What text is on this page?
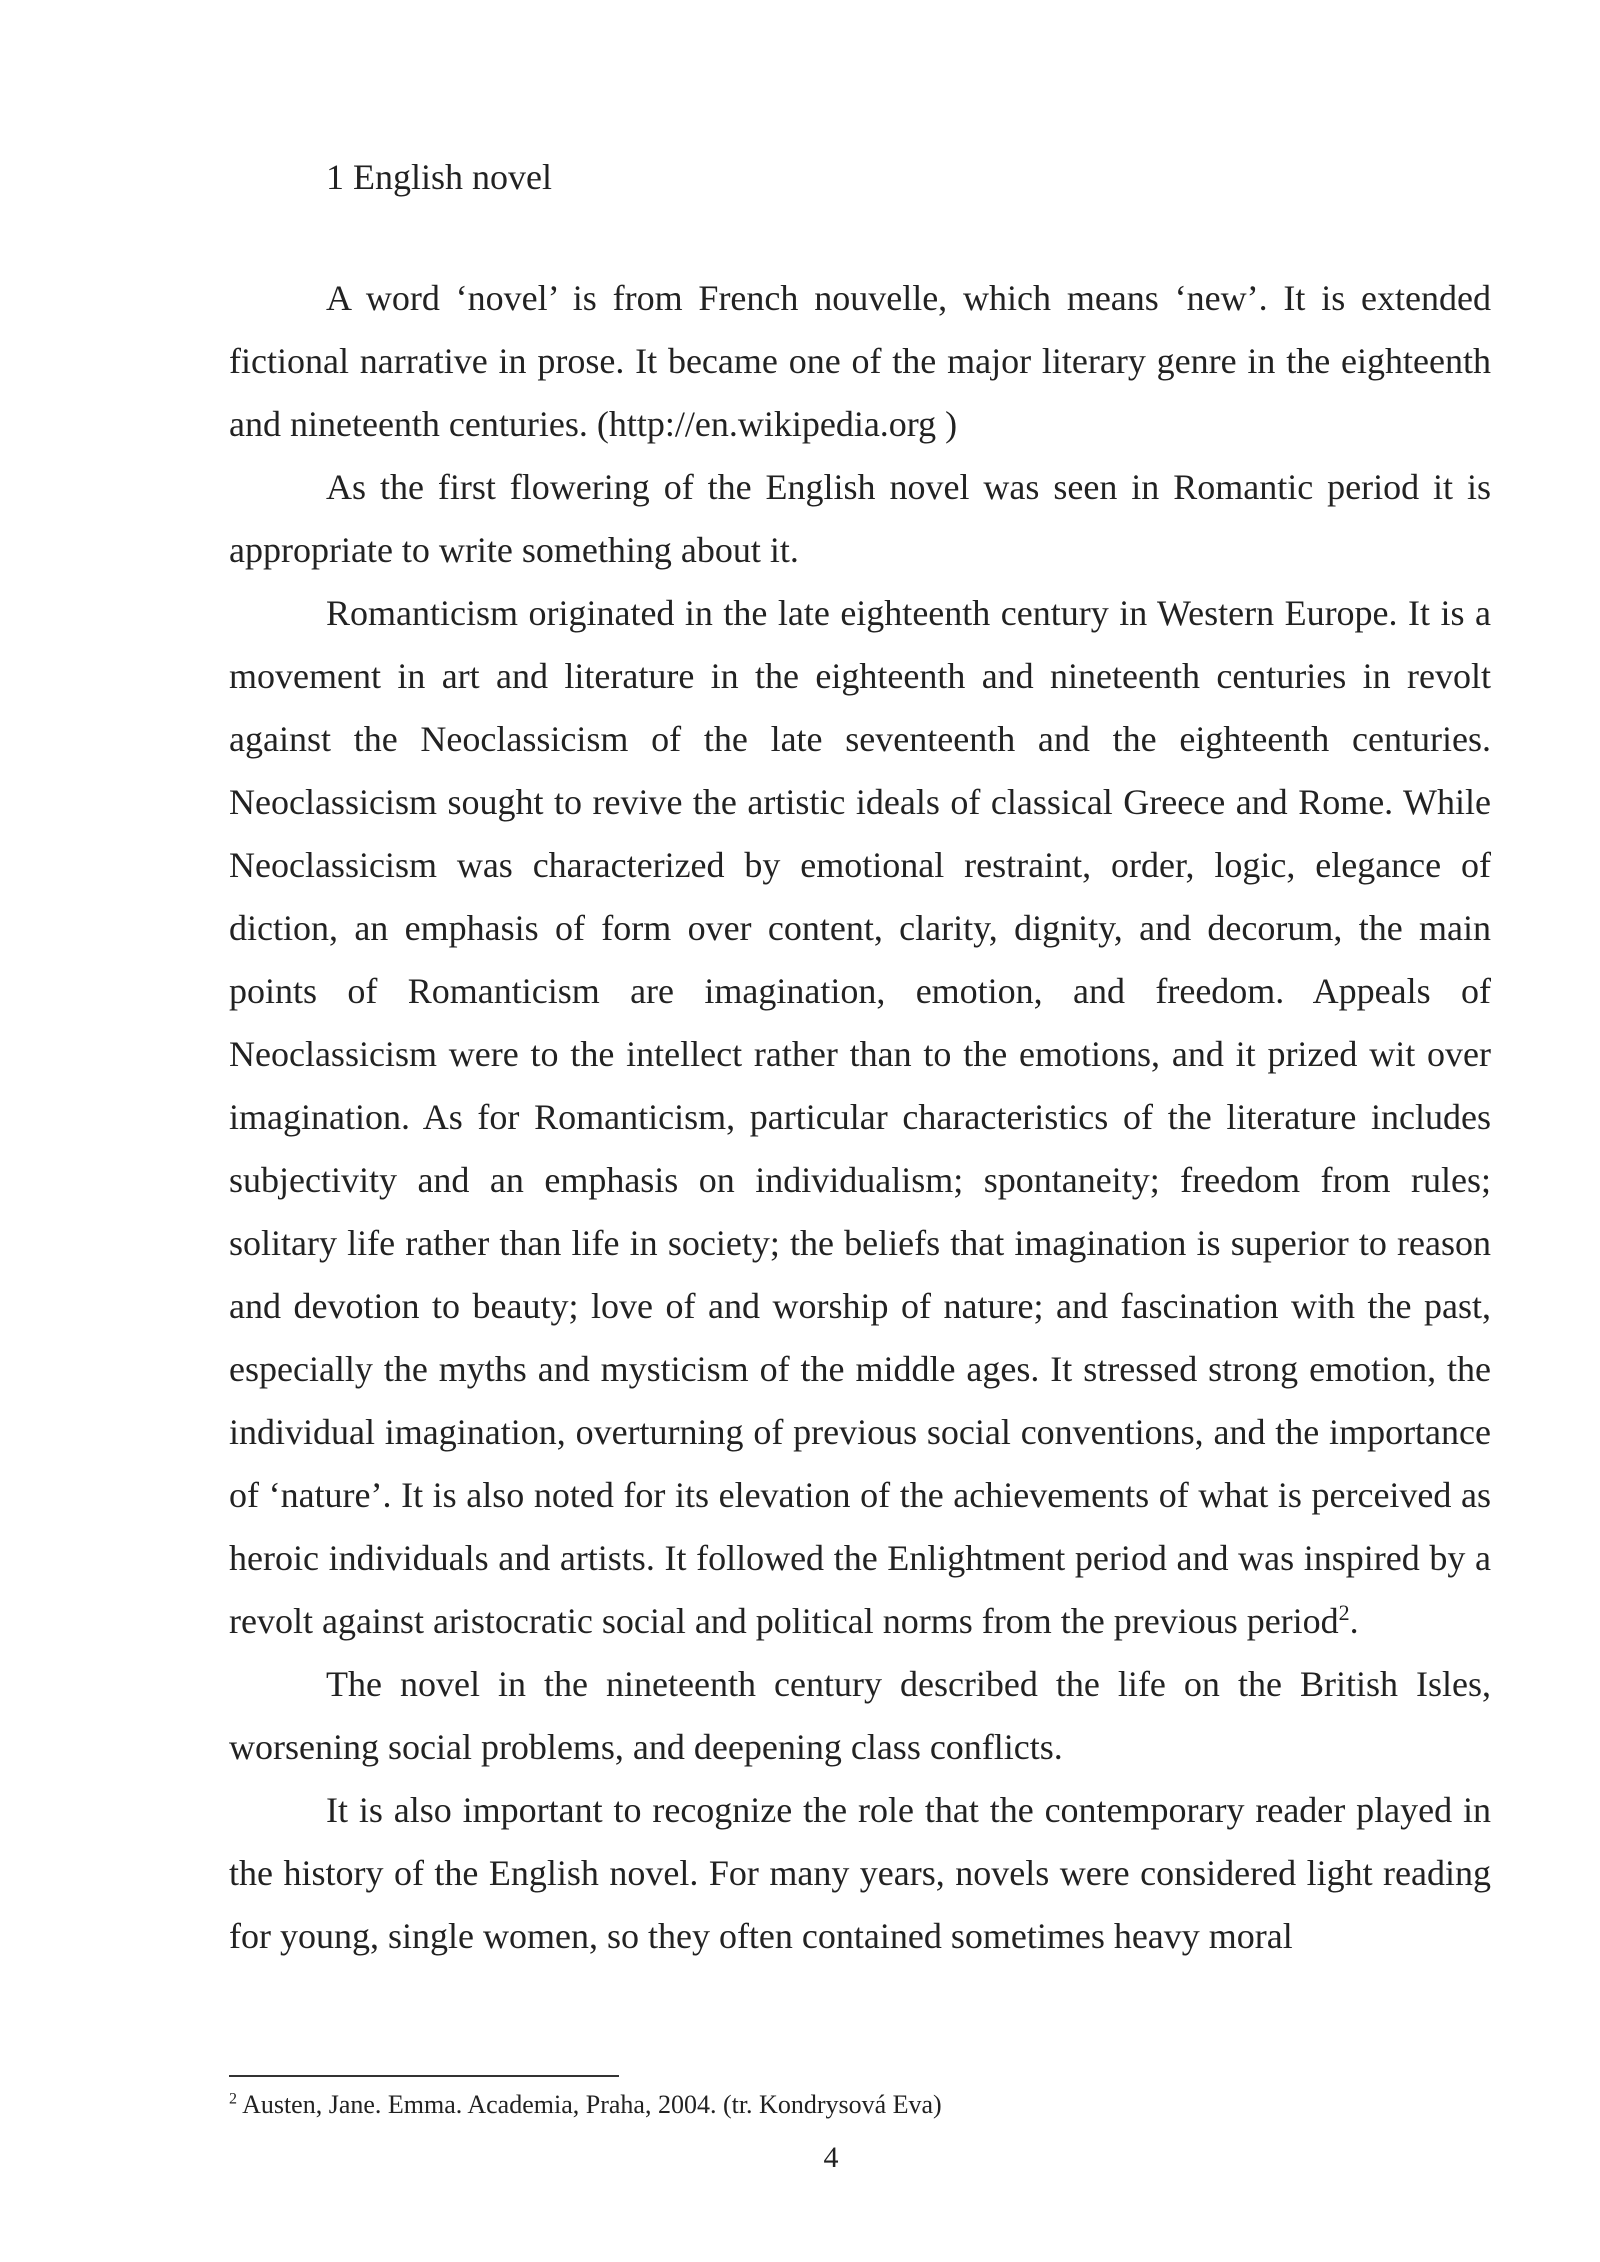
1 English novel

A word ‘novel’ is from French nouvelle, which means ‘new’. It is extended fictional narrative in prose. It became one of the major literary genre in the eighteenth and nineteenth centuries. (http://en.wikipedia.org )

As the first flowering of the English novel was seen in Romantic period it is appropriate to write something about it.

Romanticism originated in the late eighteenth century in Western Europe. It is a movement in art and literature in the eighteenth and nineteenth centuries in revolt against the Neoclassicism of the late seventeenth and the eighteenth centuries. Neoclassicism sought to revive the artistic ideals of classical Greece and Rome. While Neoclassicism was characterized by emotional restraint, order, logic, elegance of diction, an emphasis of form over content, clarity, dignity, and decorum, the main points of Romanticism are imagination, emotion, and freedom. Appeals of Neoclassicism were to the intellect rather than to the emotions, and it prized wit over imagination. As for Romanticism, particular characteristics of the literature includes subjectivity and an emphasis on individualism; spontaneity; freedom from rules; solitary life rather than life in society; the beliefs that imagination is superior to reason and devotion to beauty; love of and worship of nature; and fascination with the past, especially the myths and mysticism of the middle ages. It stressed strong emotion, the individual imagination, overturning of previous social conventions, and the importance of ‘nature’. It is also noted for its elevation of the achievements of what is perceived as heroic individuals and artists. It followed the Enlightment period and was inspired by a revolt against aristocratic social and political norms from the previous period$^2$.

The novel in the nineteenth century described the life on the British Isles, worsening social problems, and deepening class conflicts.

It is also important to recognize the role that the contemporary reader played in the history of the English novel. For many years, novels were considered light reading for young, single women, so they often contained sometimes heavy moral

$^2$ Austen, Jane. Emma. Academia, Praha, 2004. (tr. Kondrysová Eva)
4
